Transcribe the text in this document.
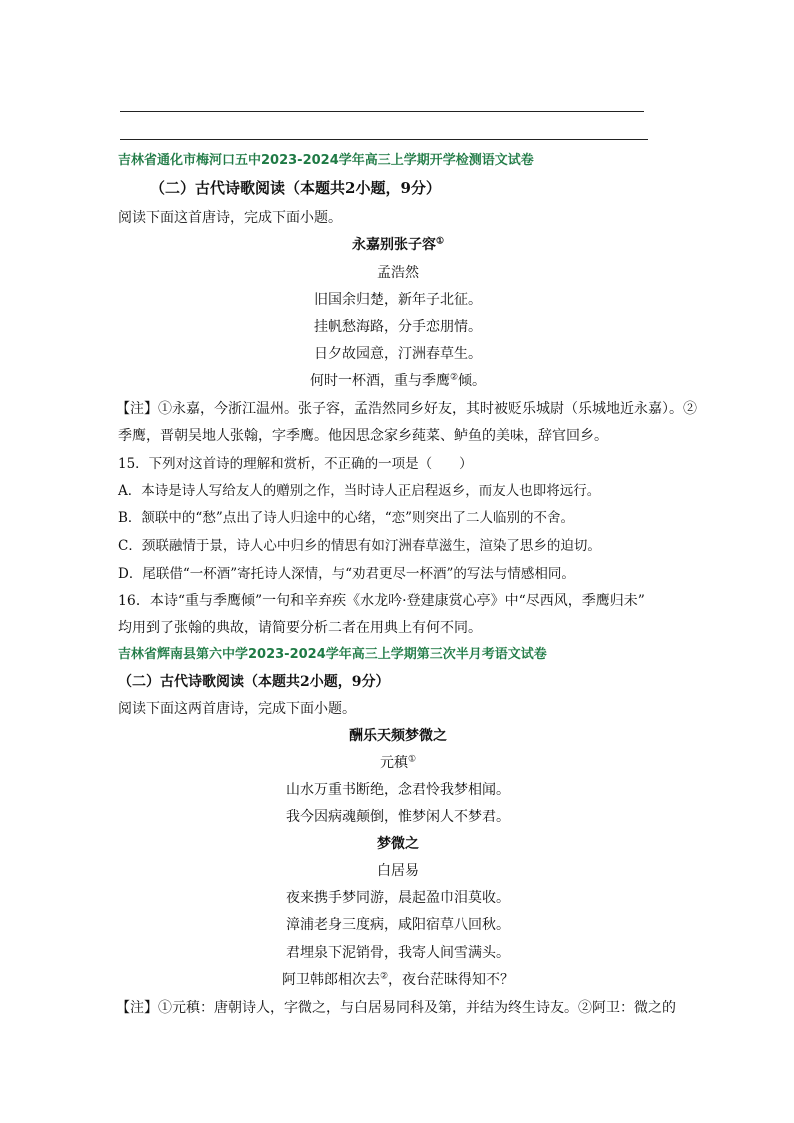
吉林省通化市梅河口五中2023-2024学年高三上学期开学检测语文试卷
（二）古代诗歌阅读（本题共2小题，9分）
阅读下面这首唐诗，完成下面小题。
永嘉别张子容①
孟浩然
旧国余归楚，新年子北征。
挂帆愁海路，分手恋朋情。
日夕故园意，汀洲春草生。
何时一杯酒，重与季鹰②倾。
【注】①永嘉，今浙江温州。张子容，孟浩然同乡好友，其时被贬乐城尉（乐城地近永嘉）。②
季鹰，晋朝吴地人张翰，字季鹰。他因思念家乡莼菜、鲈鱼的美味，辞官回乡。
15．下列对这首诗的理解和赏析，不正确的一项是（　　）
A．本诗是诗人写给友人的赠别之作，当时诗人正启程返乡，而友人也即将远行。
B．颔联中的“愁”点出了诗人归途中的心绪，“恋”则突出了二人临别的不舍。
C．颈联融情于景，诗人心中归乡的情思有如汀洲春草滋生，渲染了思乡的迫切。
D．尾联借“一杯酒”寄托诗人深情，与“劝君更尽一杯酒”的写法与情感相同。
16．本诗“重与季鹰倾”一句和辛弃疾《水龙吟·登建康赏心亭》中“尽西风，季鹰归未”
均用到了张翰的典故，请简要分析二者在用典上有何不同。
吉林省辉南县第六中学2023-2024学年高三上学期第三次半月考语文试卷
（二）古代诗歌阅读（本题共2小题，9分）
阅读下面这两首唐诗，完成下面小题。
酬乐天频梦微之
元稹①
山水万重书断绝，念君怜我梦相闻。
我今因病魂颠倒，惟梦闲人不梦君。
梦微之
白居易
夜来携手梦同游，晨起盈巾泪莫收。
漳浦老身三度病，咸阳宿草八回秋。
君埋泉下泥销骨，我寄人间雪满头。
阿卫韩郎相次去②，夜台茫昧得知不？
【注】①元稹：唐朝诗人，字微之，与白居易同科及第，并结为终生诗友。②阿卫：微之的
